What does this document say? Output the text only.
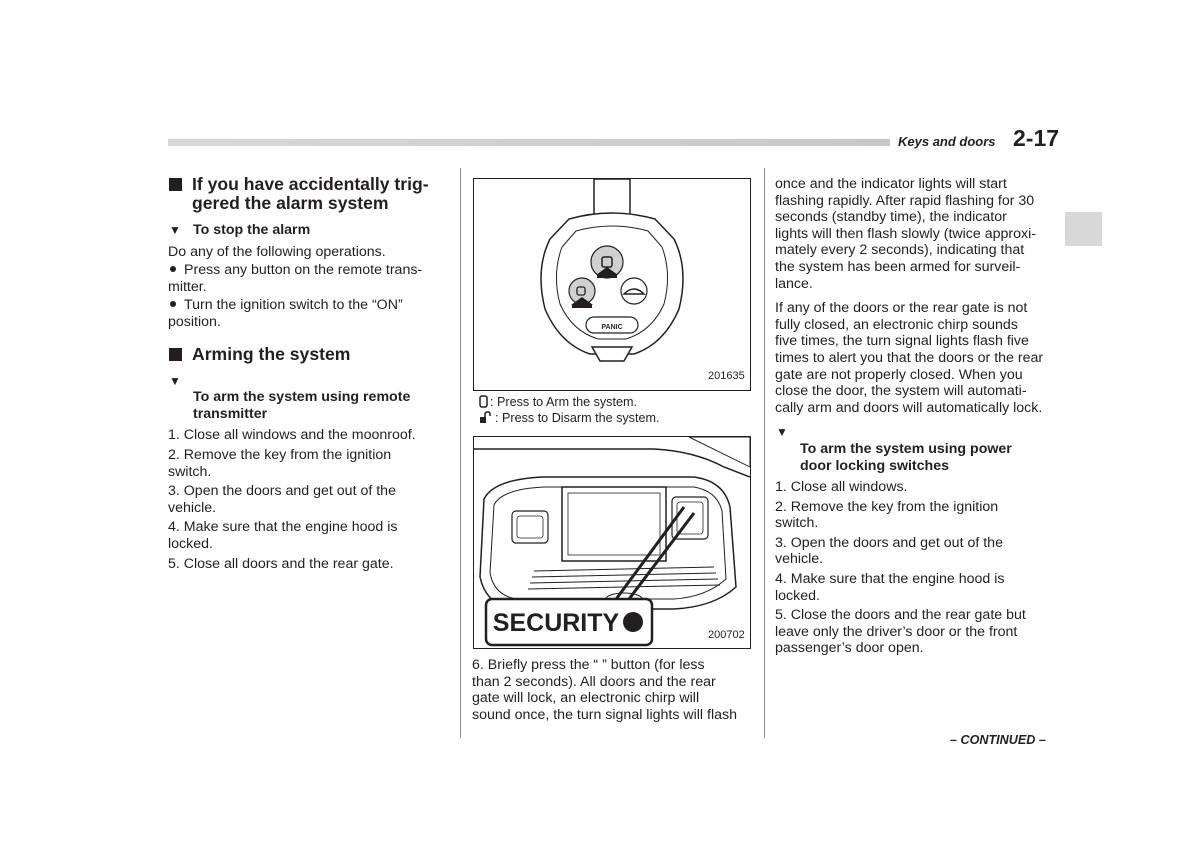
Keys and doors 2-17
If you have accidentally trig-
gered the alarm system
▼ To stop the alarm

Do any of the following operations.

Press any button on the remote trans-
mitter.

Turn the ignition switch to the “ON”
position.

Arming the system

▼
To arm the system using remote
transmitter

1. Close all windows and the moonroof.

2. Remove the key from the ignition
switch.

3. Open the doors and get out of the
vehicle.

4. Make sure that the engine hood is
locked.

5. Close all doors and the rear gate.

PANIC
201635
: Press to Arm the system.
: Press to Disarm the system.
SECURITY	200702

6. Briefly press the “ ” button (for less
than 2 seconds). All doors and the rear
gate will lock, an electronic chirp will
sound once, the turn signal lights will flash

once and the indicator lights will start
flashing rapidly. After rapid flashing for 30
seconds (standby time), the indicator
lights will then flash slowly (twice approxi-
mately every 2 seconds), indicating that
the system has been armed for surveil-
lance.

If any of the doors or the rear gate is not
fully closed, an electronic chirp sounds
five times, the turn signal lights flash five
times to alert you that the doors or the rear
gate are not properly closed. When you
close the door, the system will automati-
cally arm and doors will automatically lock.

▼
To arm the system using power
door locking switches

1. Close all windows.

2. Remove the key from the ignition
switch.

3. Open the doors and get out of the
vehicle.

4. Make sure that the engine hood is
locked.

5. Close the doors and the rear gate but
leave only the driver’s door or the front
passenger’s door open.

– CONTINUED –
